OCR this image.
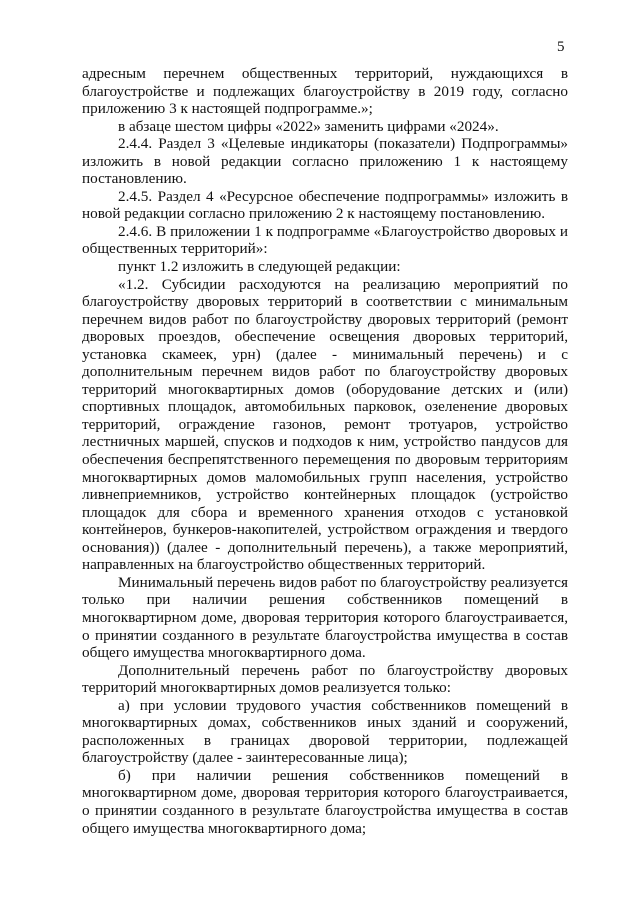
5

адресным перечнем общественных территорий, нуждающихся в благоустройстве и подлежащих благоустройству в 2019 году, согласно приложению 3 к настоящей подпрограмме.»;

в абзаце шестом цифры «2022» заменить цифрами «2024».

2.4.4. Раздел 3 «Целевые индикаторы (показатели) Подпрограммы» изложить в новой редакции согласно приложению 1 к настоящему постановлению.

2.4.5. Раздел 4 «Ресурсное обеспечение подпрограммы» изложить в новой редакции согласно приложению 2 к настоящему постановлению.

2.4.6. В приложении 1 к подпрограмме «Благоустройство дворовых и общественных территорий»:

пункт 1.2 изложить в следующей редакции:

«1.2. Субсидии расходуются на реализацию мероприятий по благоустройству дворовых территорий в соответствии с минимальным перечнем видов работ по благоустройству дворовых территорий (ремонт дворовых проездов, обеспечение освещения дворовых территорий, установка скамеек, урн) (далее - минимальный перечень) и с дополнительным перечнем видов работ по благоустройству дворовых территорий многоквартирных домов (оборудование детских и (или) спортивных площадок, автомобильных парковок, озеленение дворовых территорий, ограждение газонов, ремонт тротуаров, устройство лестничных маршей, спусков и подходов к ним, устройство пандусов для обеспечения беспрепятственного перемещения по дворовым территориям многоквартирных домов маломобильных групп населения, устройство ливнеприемников, устройство контейнерных площадок (устройство площадок для сбора и временного хранения отходов с установкой контейнеров, бункеров-накопителей, устройством ограждения и твердого основания)) (далее - дополнительный перечень), а также мероприятий, направленных на благоустройство общественных территорий.

Минимальный перечень видов работ по благоустройству реализуется только при наличии решения собственников помещений в многоквартирном доме, дворовая территория которого благоустраивается, о принятии созданного в результате благоустройства имущества в состав общего имущества многоквартирного дома.

Дополнительный перечень работ по благоустройству дворовых территорий многоквартирных домов реализуется только:

а) при условии трудового участия собственников помещений в многоквартирных домах, собственников иных зданий и сооружений, расположенных в границах дворовой территории, подлежащей благоустройству (далее - заинтересованные лица);

б) при наличии решения собственников помещений в многоквартирном доме, дворовая территория которого благоустраивается, о принятии созданного в результате благоустройства имущества в состав общего имущества многоквартирного дома;
